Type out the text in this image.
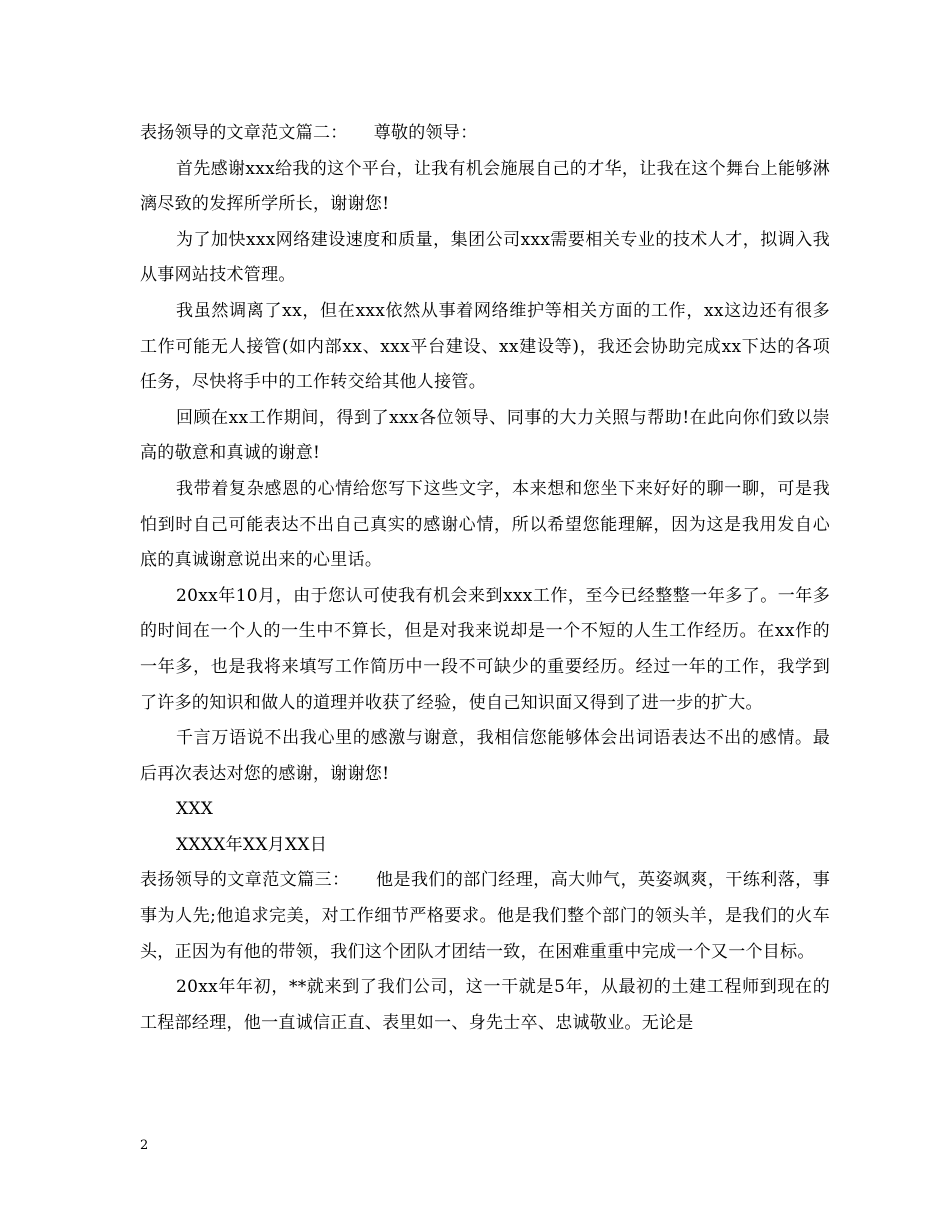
表扬领导的文章范文篇二：　　尊敬的领导：

首先感谢xxx给我的这个平台，让我有机会施展自己的才华，让我在这个舞台上能够淋漓尽致的发挥所学所长，谢谢您!

为了加快xxx网络建设速度和质量，集团公司xxx需要相关专业的技术人才，拟调入我从事网站技术管理。

我虽然调离了xx，但在xxx依然从事着网络维护等相关方面的工作，xx这边还有很多工作可能无人接管(如内部xx、xxx平台建设、xx建设等)，我还会协助完成xx下达的各项任务，尽快将手中的工作转交给其他人接管。

回顾在xx工作期间，得到了xxx各位领导、同事的大力关照与帮助!在此向你们致以崇高的敬意和真诚的谢意!

我带着复杂感恩的心情给您写下这些文字，本来想和您坐下来好好的聊一聊，可是我怕到时自己可能表达不出自己真实的感谢心情，所以希望您能理解，因为这是我用发自心底的真诚谢意说出来的心里话。

20xx年10月，由于您认可使我有机会来到xxx工作，至今已经整整一年多了。一年多的时间在一个人的一生中不算长，但是对我来说却是一个不短的人生工作经历。在xx作的一年多，也是我将来填写工作简历中一段不可缺少的重要经历。经过一年的工作，我学到了许多的知识和做人的道理并收获了经验，使自己知识面又得到了进一步的扩大。

千言万语说不出我心里的感激与谢意，我相信您能够体会出词语表达不出的感情。最后再次表达对您的感谢，谢谢您!

XXX

XXXX年XX月XX日

表扬领导的文章范文篇三：　　他是我们的部门经理，高大帅气，英姿飒爽，干练利落，事事为人先;他追求完美，对工作细节严格要求。他是我们整个部门的领头羊，是我们的火车头，正因为有他的带领，我们这个团队才团结一致，在困难重重中完成一个又一个目标。

20xx年年初，**就来到了我们公司，这一干就是5年，从最初的土建工程师到现在的工程部经理，他一直诚信正直、表里如一、身先士卒、忠诚敬业。无论是

2
